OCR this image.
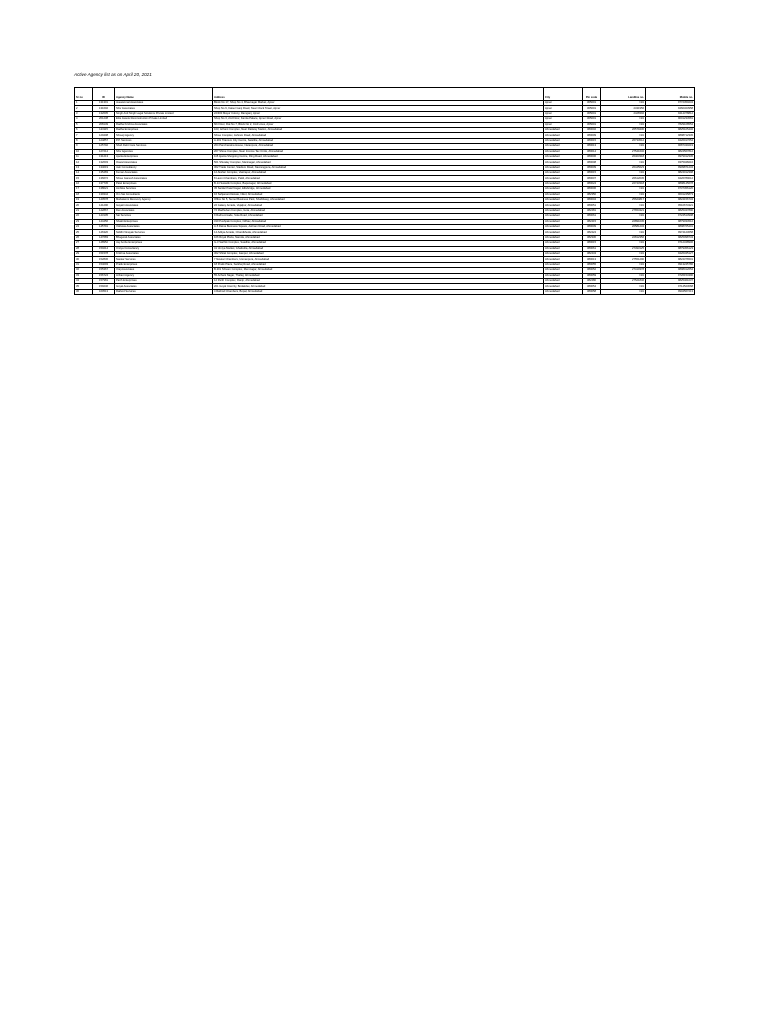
Active Agency list as on April 20, 2021
Sr no	ID	Agency Name	Address	City	Pin code	Landline no.	Mobile no.
1	131301	Jeewanmal Associates	Block No 17, Shop No 4, Bhavnagar Market, Ajmer	Ajmer	305001	N/A	9772450234
2	131602	Shiv Associates	Shop No 9, Kaiser Ganj Road, Near Clock Tower, Ajmer	Ajmer	305001	2431956	9460323958
3	132605	Singh And Singh Legal Solutions Private Limited	22/300 Mayur Colony, Ramganj, Ajmer	Ajmer	305001	2428392	9414378812
4	201238	Elite Assets Reconstruction Private Limited	Shop No 3, 2nd Floor, Kamla Palace, Ajmer Road, Ajmer	Ajmer	305001	N/A	9001234581
5	208149	Radha Krishna Associates	6th Floor, Flat No 7, Block No 2, Civil Lines, Ajmer	Ajmer	305001	N/A	7829108554
6	123115	Radha Enterprises	103, Arihant Complex, Near Railway Station, Ahmedabad	Ahmedabad	380002	26579430	9825105432
7	129408	Shreeji Agency	Shree Complex, Ashram Road, Ahmedabad	Ahmedabad	380009	N/A	9898712345
8	124857	P.P. Services	A-201 Titanium City Centre, Satellite, Ahmedabad	Ahmedabad	380015	26734512	9426017654
9	125792	Shah Debt Care Services	204 Pancharatna House, Naranpura, Ahmedabad	Ahmedabad	380013	N/A	9687430219
10	127214	Shiv Agencies	207 Shree Complex, Near Income Tax Circle, Ahmedabad	Ahmedabad	380014	27541632	9824567812
11	131213	Ajanta Enterprises	115 Ajanta Shopping Centre, Ring Road, Ahmedabad	Ahmedabad	380006	26403318	9979012345
12	132603	Oswal Associates	501 Shivalay Complex, Maninagar, Ahmedabad	Ahmedabad	380008	N/A	9375048216
13	134019	Jain Consultancy	302 Trade Center, Stadium Road, Navrangpura, Ahmedabad	Ahmedabad	380009	26445623	9909871234
14	135483	Kumar Associates	12 Akshar Complex, Vastrapur, Ahmedabad	Ahmedabad	380015	N/A	9824012398
15	136672	Shree Ganesh Associates	8 Laxmi Chambers, Paldi, Ahmedabad	Ahmedabad	380007	26612045	9426789012
16	137745	Patel Enterprises	B-14 Swastik Complex, Bapunagar, Ahmedabad	Ahmedabad	380024	22743318	9898145678
17	138021	Ambika Services	45 Sardar Patel Nagar, Ellisbridge, Ahmedabad	Ahmedabad	380006	N/A	9737456120
18	139344	Om Sai Consultants	16 Sahjanand Estate, Nikol, Ahmedabad	Ahmedabad	382350	N/A	9601245873
19	140578	Mahalaxmi Recovery Agency	Office No 5, Sumel Business Park, Shahibaug, Ahmedabad	Ahmedabad	380004	25624817	9824156734
20	141290	Gayatri Associates	22 Galaxy Arcade, Vejalpur, Ahmedabad	Ahmedabad	380051	N/A	9510674321
21	142867	Dev Associates	72 Madhuban Complex, Gota, Ahmedabad	Ahmedabad	382481	27654321	9825347890
22	143105	Sai Services	9 Rudra Arcade, Sola Road, Ahmedabad	Ahmedabad	380061	N/A	9724513908
23	144456	Shakti Enterprises	310 Pushpak Complex, Odhav, Ahmedabad	Ahmedabad	382415	22891045	9879034512
24	145791	Vishwas Associates	A-5 Ratna Business Square, Ashram Road, Ahmedabad	Ahmedabad	380009	26581234	9898765401
25	146320	Siddhi Vinayak Services	14 Aditya Arcade, Chandkheda, Ahmedabad	Ahmedabad	382424	N/A	9974123658
26	147683	Bhagwati Associates	106 Royal Plaza, Naroda, Ahmedabad	Ahmedabad	382330	22812356	9825098743
27	148952	Jay Ambe Enterprises	G-3 Sarthik Complex, Satellite, Ahmedabad	Ahmedabad	380015	N/A	9712348906
28	150214	Umiya Consultancy	41 Umiya Market, Ghatlodia, Ahmedabad	Ahmedabad	380061	27493125	9879456123
29	151578	Krishna Associates	302 Shital Complex, Isanpur, Ahmedabad	Ahmedabad	382443	N/A	9426345127
30	152836	Navkar Services	7 Navkar Chambers, Usmanpura, Ahmedabad	Ahmedabad	380013	27551290	9824376501
31	154093	Pratik Enterprises	18 Pratik Plaza, Sarkhej Road, Ahmedabad	Ahmedabad	380055	N/A	9913245786
32	155367	Vraj Associates	B-201 Shivam Complex, Memnagar, Ahmedabad	Ahmedabad	380052	27410378	9898012654
33	156724	Arihant Agency	55 Arihant Nagar, Thaltej, Ahmedabad	Ahmedabad	380059	N/A	9726154390
34	157981	Parth Enterprises	12 Parth Complex, Ranip, Ahmedabad	Ahmedabad	382480	27521846	9825461037
35	159246	Goyal Associates	201 Goyal Intercity, Bodakdev, Ahmedabad	Ahmedabad	380054	N/A	9714523068
36	160513	Rathod Services	4 Rathod Chambers, Bopal, Ahmedabad	Ahmedabad	380058	N/A	9904567213
